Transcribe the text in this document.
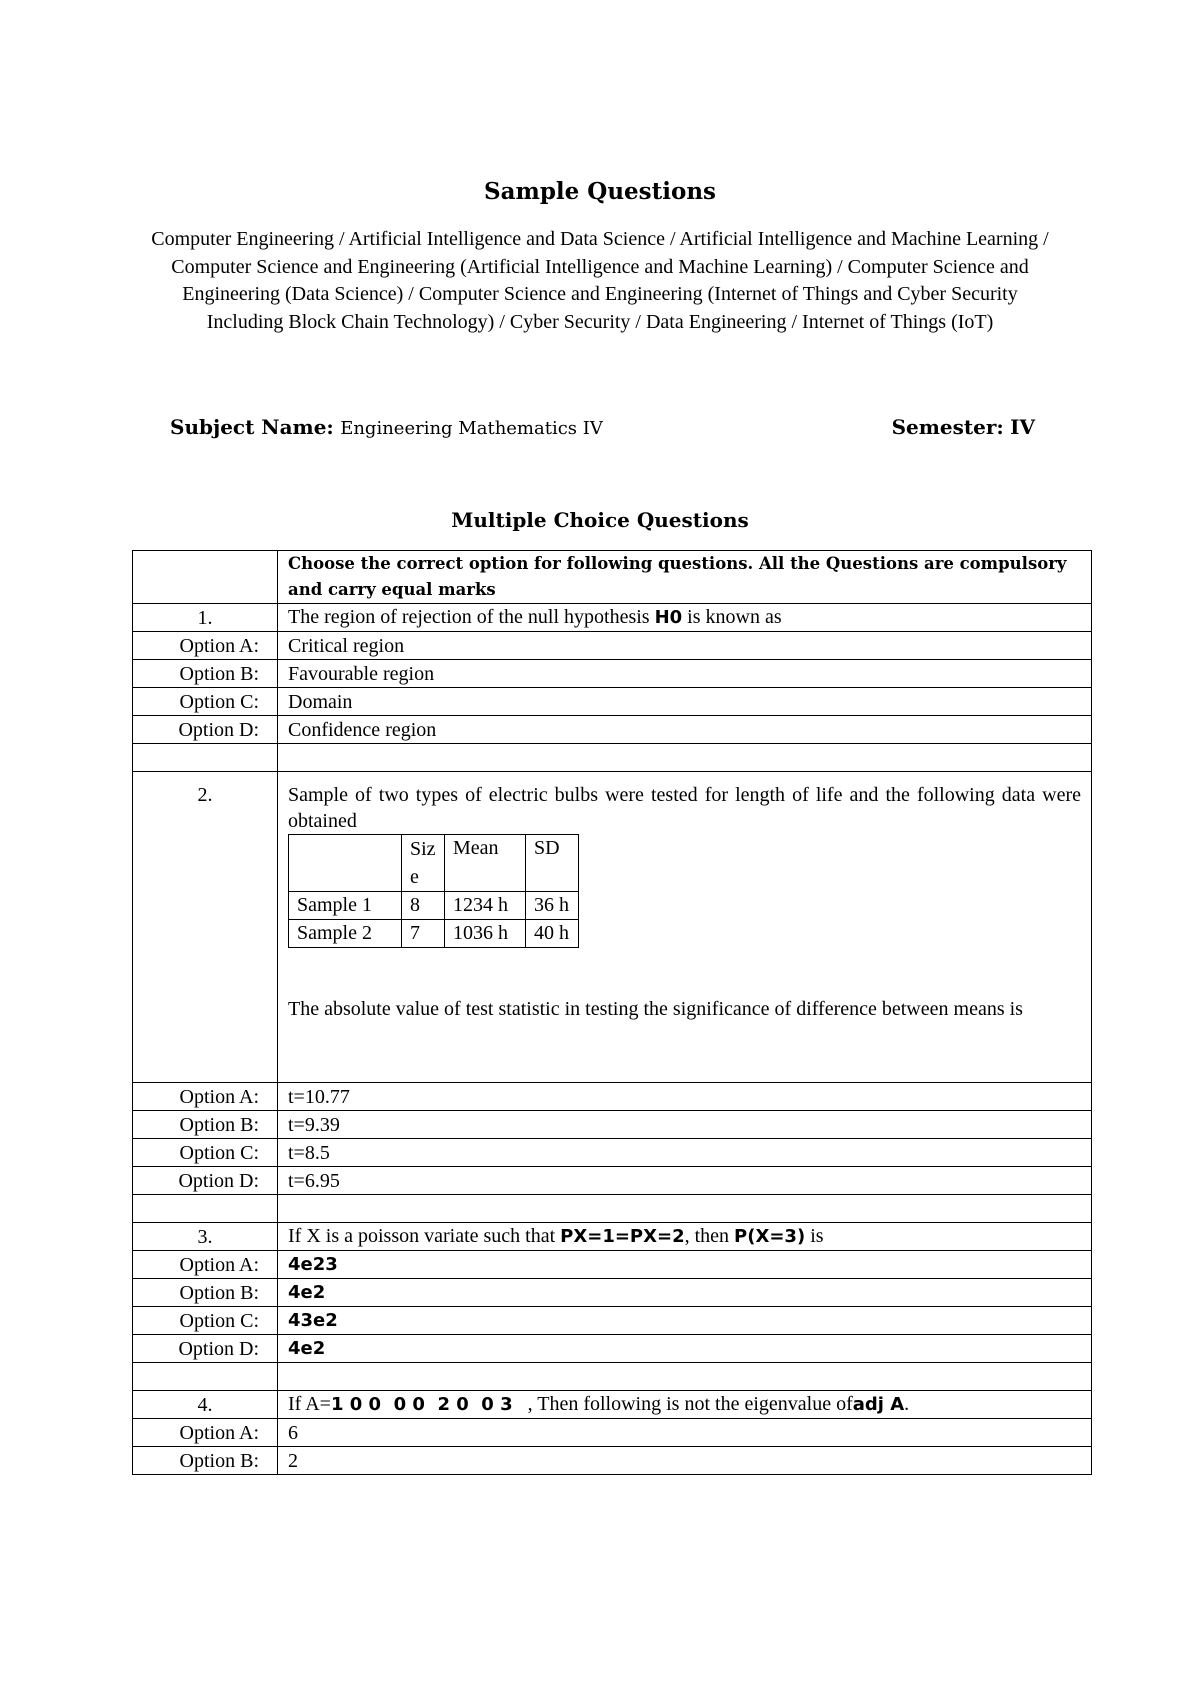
Sample Questions
Computer Engineering / Artificial Intelligence and Data Science / Artificial Intelligence and Machine Learning / Computer Science and Engineering (Artificial Intelligence and Machine Learning) / Computer Science and Engineering (Data Science) / Computer Science and Engineering (Internet of Things and Cyber Security Including Block Chain Technology) / Cyber Security / Data Engineering / Internet of Things (IoT)
Subject Name: Engineering Mathematics IV	Semester: IV
Multiple Choice Questions
	Choose the correct option for following questions. All the Questions are compulsory and carry equal marks
1.	The region of rejection of the null hypothesis H0 is known as
Option A:	Critical region
Option B:	Favourable region
Option C:	Domain
Option D:	Confidence region

2.	Sample of two types of electric bulbs were tested for length of life and the following data were obtained
	Siz e	Mean	SD
Sample 1	8	1234 h	36 h
Sample 2	7	1036 h	40 h
The absolute value of test statistic in testing the significance of difference between means is

Option A:	t=10.77
Option B:	t=9.39
Option C:	t=8.5
Option D:	t=6.95

3.	If X is a poisson variate such that PX=1=PX=2, then P(X=3) is
Option A:	4e23
Option B:	4e2
Option C:	43e2
Option D:	4e2

4.	If A=1 0 0  0 0  2 0  0 3   , Then following is not the eigenvalue ofadj A.
Option A:	6
Option B:	2
